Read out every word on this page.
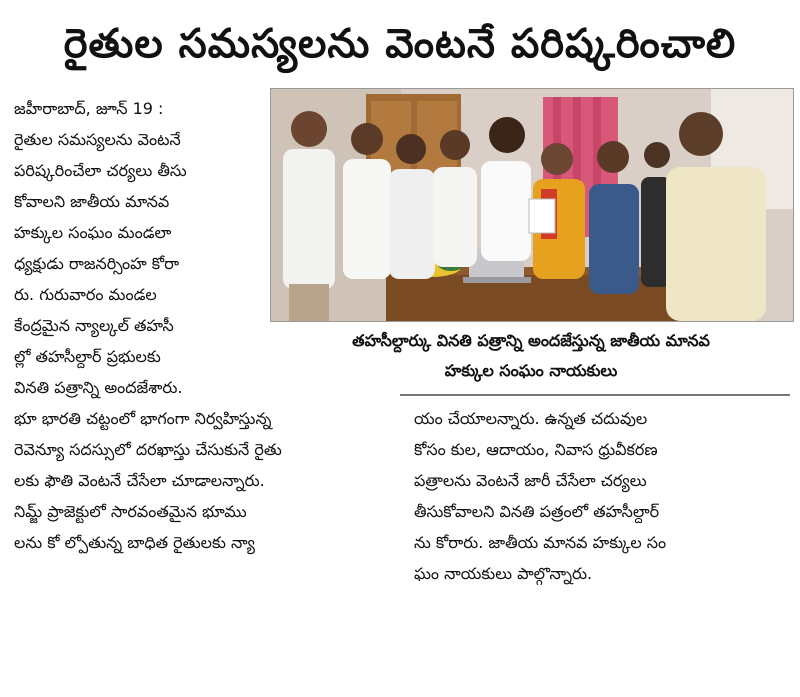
రైతుల సమస్యలను వెంటనే పరిష్కరించాలి
జహీరాబాద్, జూన్ 19 :
రైతుల సమస్యలను వెంటనే
పరిష్కరించేలా చర్యలు తీసు
కోవాలని జాతీయ మానవ
హక్కుల సంఘం మండలా
ధ్యక్షుడు రాజనర్సింహ కోరా
రు. గురువారం మండల
కేంద్రమైన న్యాల్కల్ తహసీ
ల్లో తహసీల్దార్ ప్రభులకు
వినతి పత్రాన్ని అందజేశారు.
తహసీల్దార్కు వినతి పత్రాన్ని అందజేస్తున్న జాతీయ మానవ
హక్కుల సంఘం నాయకులు
భూ భారతి చట్టంలో భాగంగా నిర్వహిస్తున్న
రెవెన్యూ సదస్సులో దరఖాస్తు చేసుకునే రైతు
లకు ఫౌతి వెంటనే చేసేలా చూడాలన్నారు.
నిమ్జ్ ప్రాజెక్టులో సారవంతమైన భూము
లను కో ల్పోతున్న బాధిత రైతులకు న్యా
యం చేయాలన్నారు. ఉన్నత చదువుల
కోసం కుల, ఆదాయం, నివాస ధ్రువీకరణ
పత్రాలను వెంటనే జారీ చేసేలా చర్యలు
తీసుకోవాలని వినతి పత్రంలో తహసీల్దార్
ను కోరారు. జాతీయ మానవ హక్కుల సం
ఘం నాయకులు పాల్గొన్నారు.
